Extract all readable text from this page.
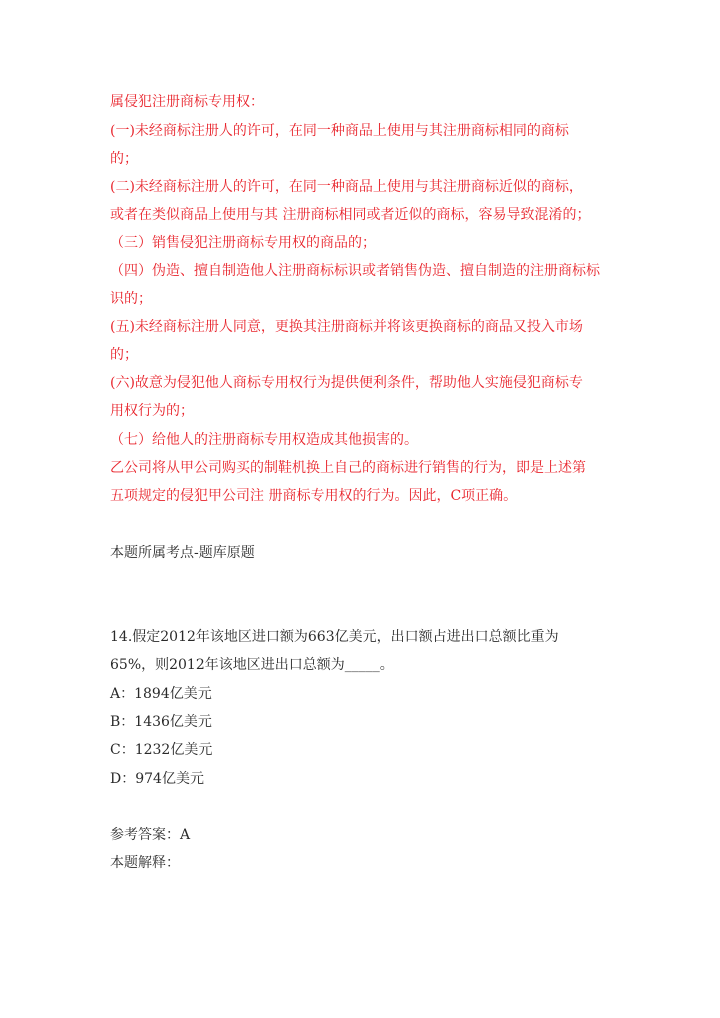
属侵犯注册商标专用权：
(一)未经商标注册人的许可，在同一种商品上使用与其注册商标相同的商标
的；
(二)未经商标注册人的许可，在同一种商品上使用与其注册商标近似的商标，
或者在类似商品上使用与其 注册商标相同或者近似的商标，容易导致混淆的；
（三）销售侵犯注册商标专用权的商品的；
（四）伪造、擅自制造他人注册商标标识或者销售伪造、擅自制造的注册商标标
识的；
(五)未经商标注册人同意，更换其注册商标并将该更换商标的商品又投入市场
的；
(六)故意为侵犯他人商标专用权行为提供便利条件，帮助他人实施侵犯商标专
用权行为的；
（七）给他人的注册商标专用权造成其他损害的。
乙公司将从甲公司购买的制鞋机换上自己的商标进行销售的行为，即是上述第
五项规定的侵犯甲公司注 册商标专用权的行为。因此，C项正确。
本题所属考点-题库原题
14.假定2012年该地区进口额为663亿美元，出口额占进出口总额比重为
65%，则2012年该地区进出口总额为_____。
A：1894亿美元
B：1436亿美元
C：1232亿美元
D：974亿美元
参考答案：A
本题解释：
